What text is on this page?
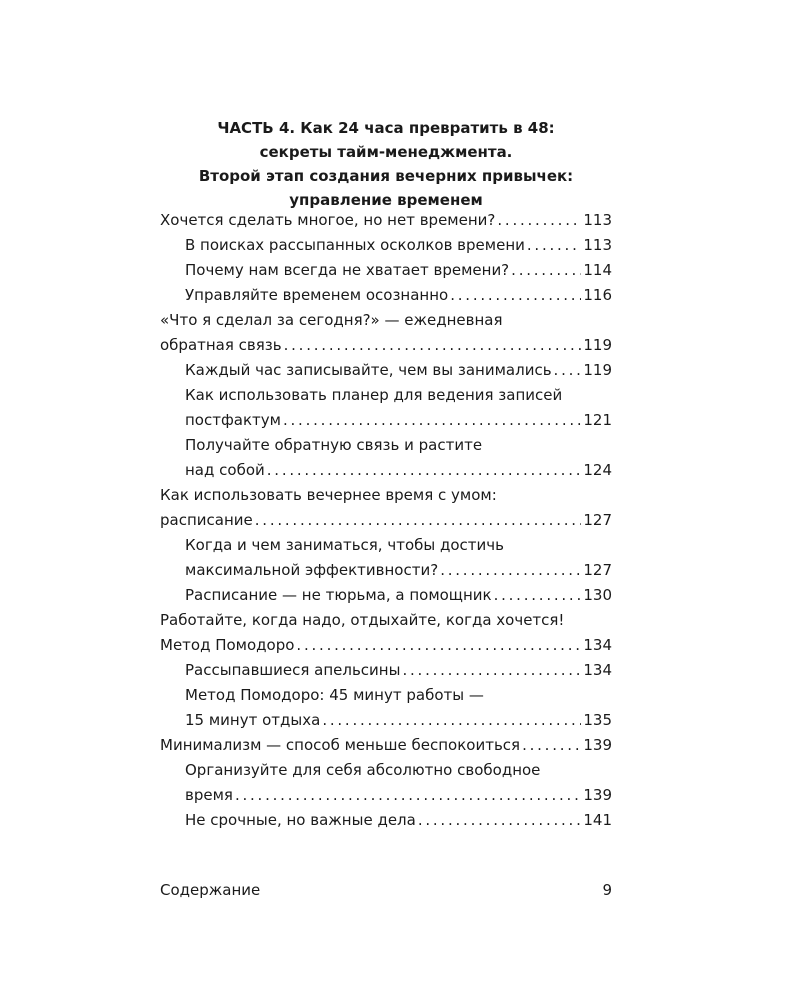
ЧАСТЬ 4. Как 24 часа превратить в 48:
секреты тайм-менеджмента.
Второй этап создания вечерних привычек:
управление временем
Хочется сделать многое, но нет времени? . . .	113
В поисках рассыпанных осколков времени . . .	113
Почему нам всегда не хватает времени? . . .	114
Управляйте временем осознанно . . .	116
«Что я сделал за сегодня?» — ежедневная
обратная связь . . .	119
Каждый час записывайте, чем вы занимались . . . 119
Как использовать планер для ведения записей
постфактум . . .	121
Получайте обратную связь и растите
над собой . . .	124
Как использовать вечернее время с умом:
расписание . . .	127
Когда и чем заниматься, чтобы достичь
максимальной эффективности? . . .	127
Расписание — не тюрьма, а помощник . . .	130
Работайте, когда надо, отдыхайте, когда хочется!
Метод Помодоро . . .	134
Рассыпавшиеся апельсины . . .	134
Метод Помодоро: 45 минут работы —
15 минут отдыха . . .	135
Минимализм — способ меньше беспокоиться . . .	139
Организуйте для себя абсолютно свободное
время . . .	139
Не срочные, но важные дела . . .	141
Содержание	9
